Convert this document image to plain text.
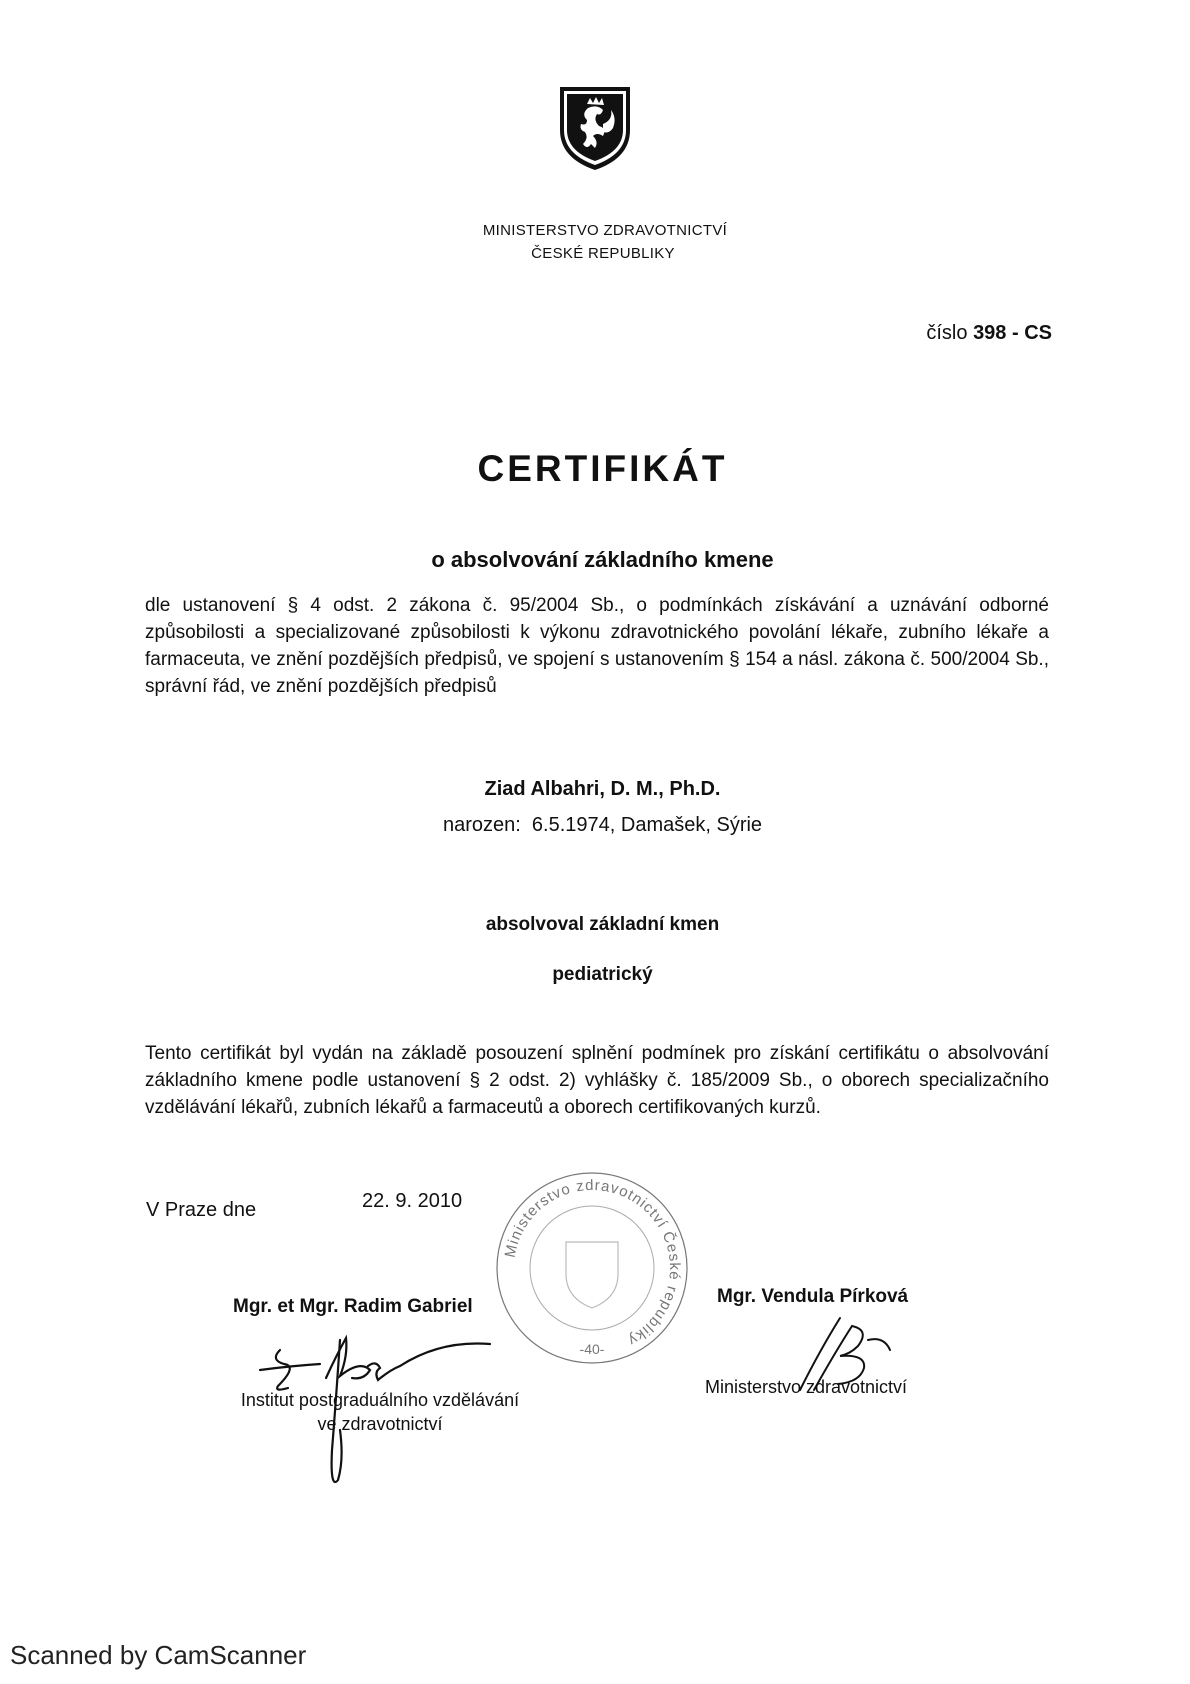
MINISTERSTVO ZDRAVOTNICTVÍ
ČESKÉ REPUBLIKY
číslo 398 - CS
CERTIFIKÁT
o absolvování základního kmene
dle ustanovení § 4 odst. 2 zákona č. 95/2004 Sb., o podmínkách získávání a uznávání odborné způsobilosti a specializované způsobilosti k výkonu zdravotnického povolání lékaře, zubního lékaře a farmaceuta, ve znění pozdějších předpisů, ve spojení s ustanovením § 154 a násl. zákona č. 500/2004 Sb., správní řád, ve znění pozdějších předpisů
Ziad Albahri, D. M., Ph.D.
narozen: 6.5.1974, Damašek, Sýrie
absolvoval základní kmen
pediatrický
Tento certifikát byl vydán na základě posouzení splnění podmínek pro získání certifikátu o absolvování základního kmene podle ustanovení § 2 odst. 2) vyhlášky č. 185/2009 Sb., o oborech specializačního vzdělávání lékařů, zubních lékařů a farmaceutů a oborech certifikovaných kurzů.
V Praze dne	22. 9. 2010
Ministerstvo zdravotnictví České republiky
-40-
Mgr. et Mgr. Radim Gabriel
Institut postgraduálního vzdělávání
ve zdravotnictví
Mgr. Vendula Pírková
Ministerstvo zdravotnictví
Scanned by CamScanner
